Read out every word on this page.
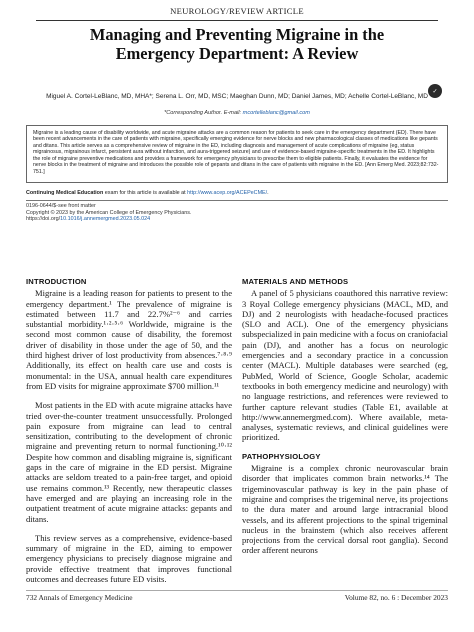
NEUROLOGY/REVIEW ARTICLE
Managing and Preventing Migraine in the
Emergency Department: A Review
✓
Miguel A. Cortel-LeBlanc, MD, MHA*; Serena L. Orr, MD, MSC; Maeghan Dunn, MD; Daniel James, MD; Achelle Cortel-LeBlanc, MD
*Corresponding Author. E-mail: mcortelleblanc@gmail.com
Migraine is a leading cause of disability worldwide, and acute migraine attacks are a common reason for patients to seek care in the emergency department (ED). There have been recent advancements in the care of patients with migraine, specifically emerging evidence for nerve blocks and new pharmacological classes of medications like gepants and ditans. This article serves as a comprehensive review of migraine in the ED, including diagnosis and management of acute complications of migraine (eg, status migrainosus, migrainous infarct, persistent aura without infarction, and aura-triggered seizure) and use of evidence-based migraine-specific treatments in the ED. It highlights the role of migraine preventive medications and provides a framework for emergency physicians to prescribe them to eligible patients. Finally, it evaluates the evidence for nerve blocks in the treatment of migraine and introduces the possible role of gepants and ditans in the care of patients with migraine in the ED. [Ann Emerg Med. 2023;82:732-751.]
Continuing Medical Education exam for this article is available at http://www.acep.org/ACEPeCME/.
0196-0644/$-see front matter
Copyright © 2023 by the American College of Emergency Physicians.
https://doi.org/10.1016/j.annemergmed.2023.05.024
INTRODUCTION

Migraine is a leading reason for patients to present to the emergency department.¹ The prevalence of migraine is estimated between 11.7 and 22.7%²⁻⁶ and carries substantial morbidity.¹·²·⁵·⁶ Worldwide, migraine is the second most common cause of disability, the foremost driver of disability in those under the age of 50, and the third highest driver of lost productivity from absences.⁷·⁸·⁹ Additionally, its effect on health care use and costs is monumental: in the USA, annual health care expenditures from ED visits for migraine approximate $700 million.¹¹

Most patients in the ED with acute migraine attacks have tried over-the-counter treatment unsuccessfully. Prolonged pain exposure from migraine can lead to central sensitization, contributing to the development of chronic migraine and preventing return to normal functioning.¹⁰·¹² Despite how common and disabling migraine is, significant gaps in the care of migraine in the ED persist. Migraine attacks are seldom treated to a pain-free target, and opioid use remains common.¹³ Recently, new therapeutic classes have emerged and are playing an increasing role in the outpatient treatment of acute migraine attacks: gepants and ditans.

This review serves as a comprehensive, evidence-based summary of migraine in the ED, aiming to empower emergency physicians to precisely diagnose migraine and provide effective treatment that improves functional outcomes and decreases future ED visits.

MATERIALS AND METHODS

A panel of 5 physicians coauthored this narrative review: 3 Royal College emergency physicians (MACL, MD, and DJ) and 2 neurologists with headache-focused practices (SLO and ACL). One of the emergency physicians subspecialized in pain medicine with a focus on craniofacial pain (DJ), and another has a focus on neurologic emergencies and a secondary practice in a concussion center (MACL). Multiple databases were searched (eg, PubMed, World of Science, Google Scholar, academic textbooks in both emergency medicine and neurology) with no language restrictions, and references were reviewed to further capture relevant studies (Table E1, available at http://www.annemergmed.com). Where available, meta-analyses, systematic reviews, and clinical guidelines were prioritized.

PATHOPHYSIOLOGY

Migraine is a complex chronic neurovascular brain disorder that implicates common brain networks.¹⁴ The trigeminovascular pathway is key in the pain phase of migraine and comprises the trigeminal nerve, its projections to the dura mater and around large intracranial blood vessels, and its afferent projections to the spinal trigeminal nucleus in the brainstem (which also receives afferent projections from the cervical dorsal root ganglia). Second order afferent neurons

732 Annals of Emergency Medicine	Volume 82, no. 6 : December 2023
